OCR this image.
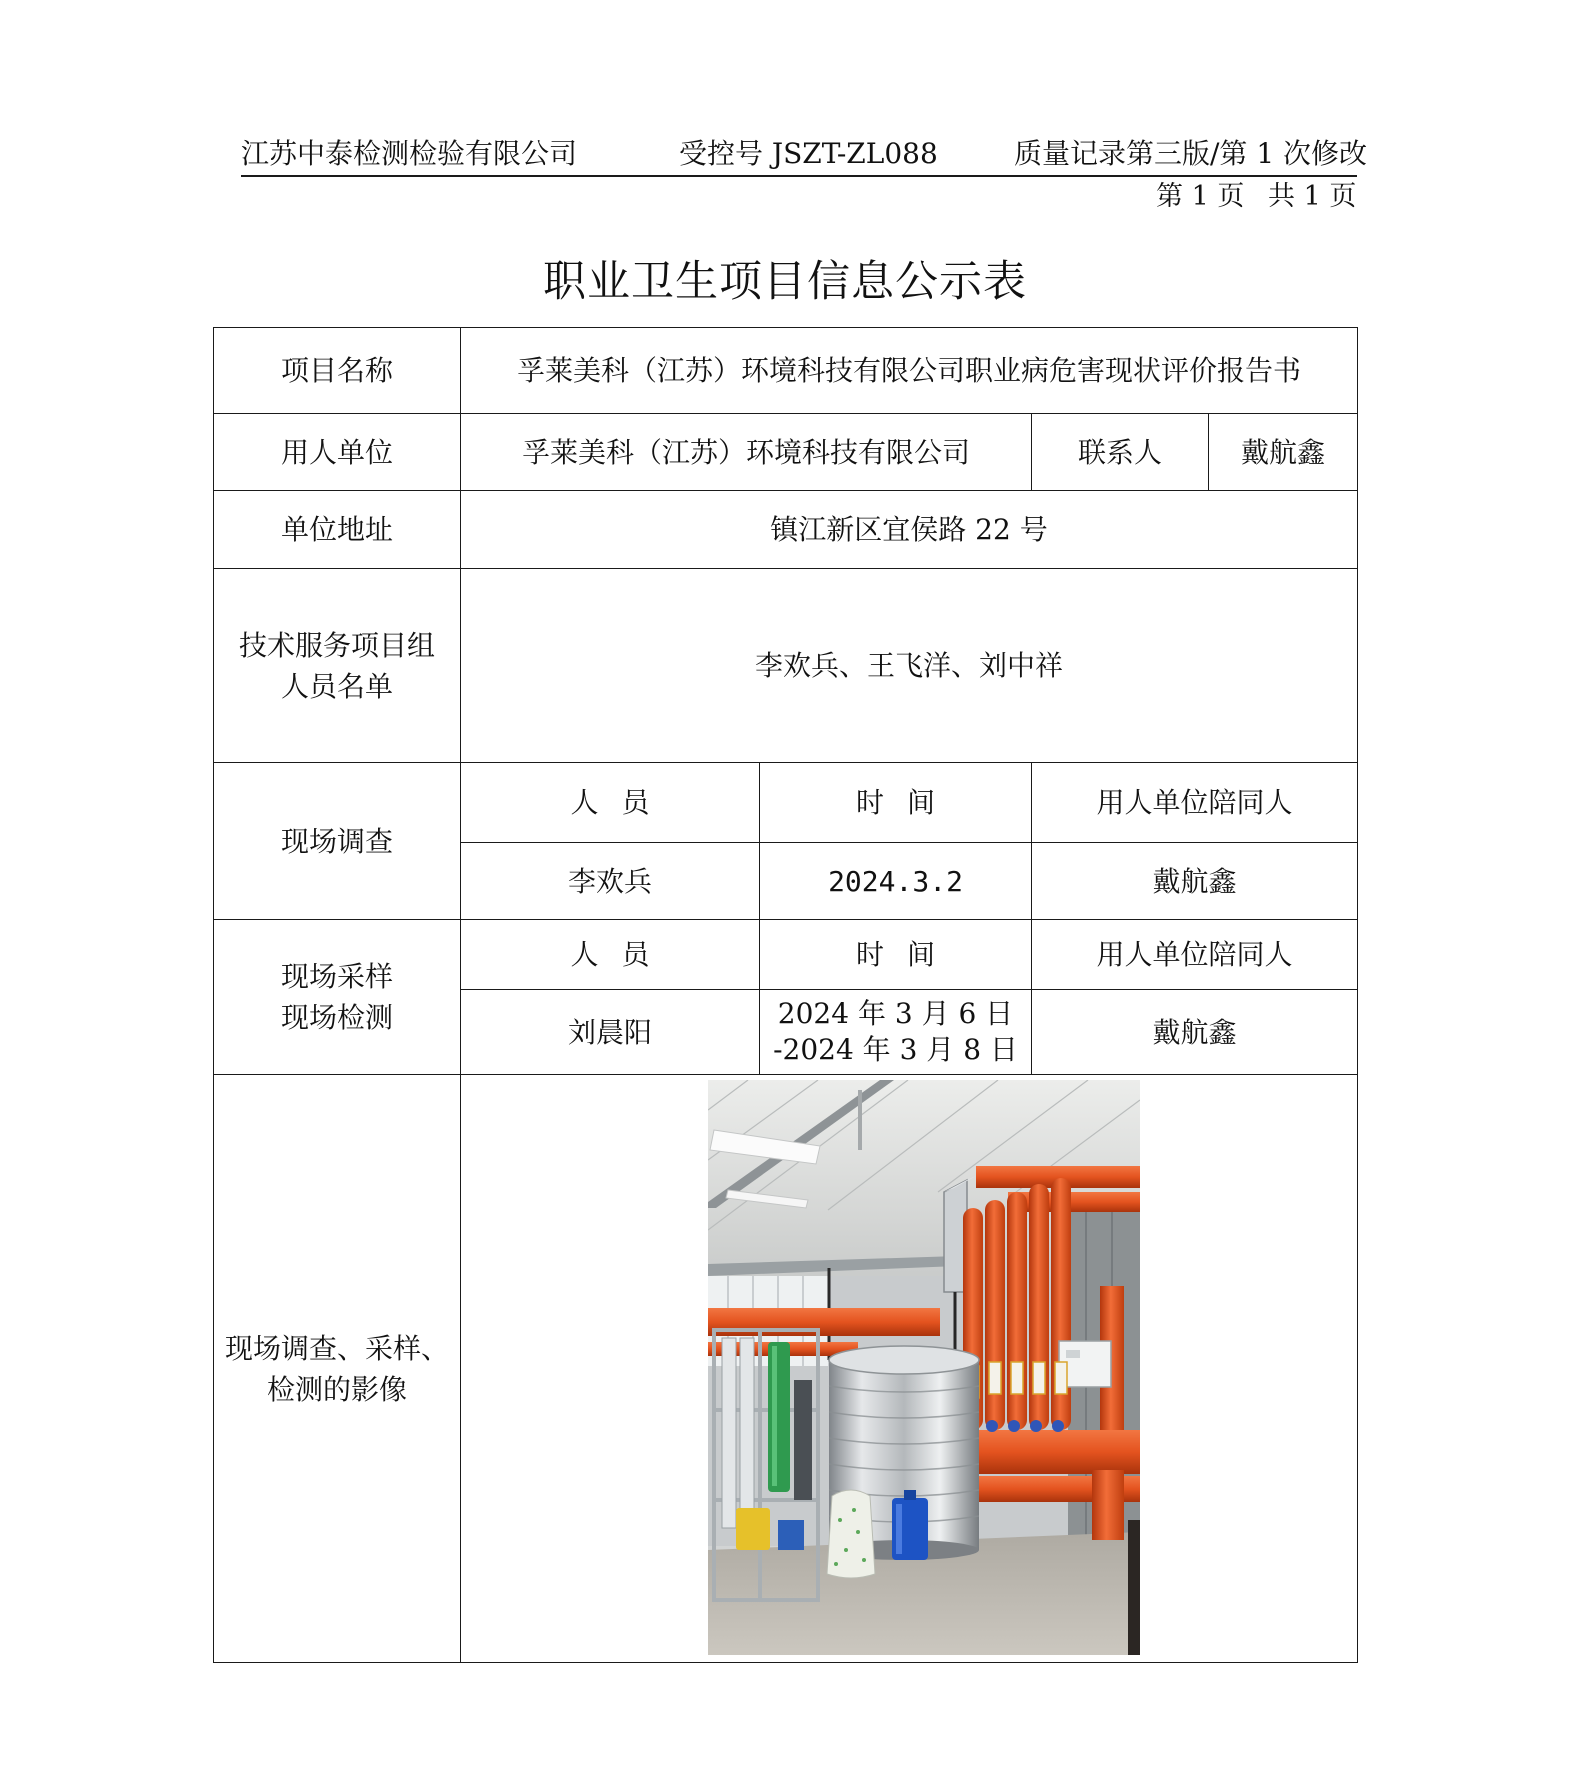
江苏中泰检测检验有限公司	受控号 JSZT-ZL088	质量记录第三版/第 1 次修改
第 1 页 共 1 页
职业卫生项目信息公示表
项目名称	孚莱美科（江苏）环境科技有限公司职业病危害现状评价报告书			
用人单位	孚莱美科（江苏）环境科技有限公司		联系人	戴航鑫
单位地址	镇江新区宜侯路 22 号			

技术服务项目组
人员名单	李欢兵、王飞洋、刘中祥			
现场调查	人 员	时 间	用人单位陪同人	
	李欢兵	2024.3.2	戴航鑫	

现场采样
现场检测	人 员	时 间	用人单位陪同人	
	刘晨阳	2024 年 3 月 6 日
-2024 年 3 月 8 日	戴航鑫	

现场调查、采样、
检测的影像
